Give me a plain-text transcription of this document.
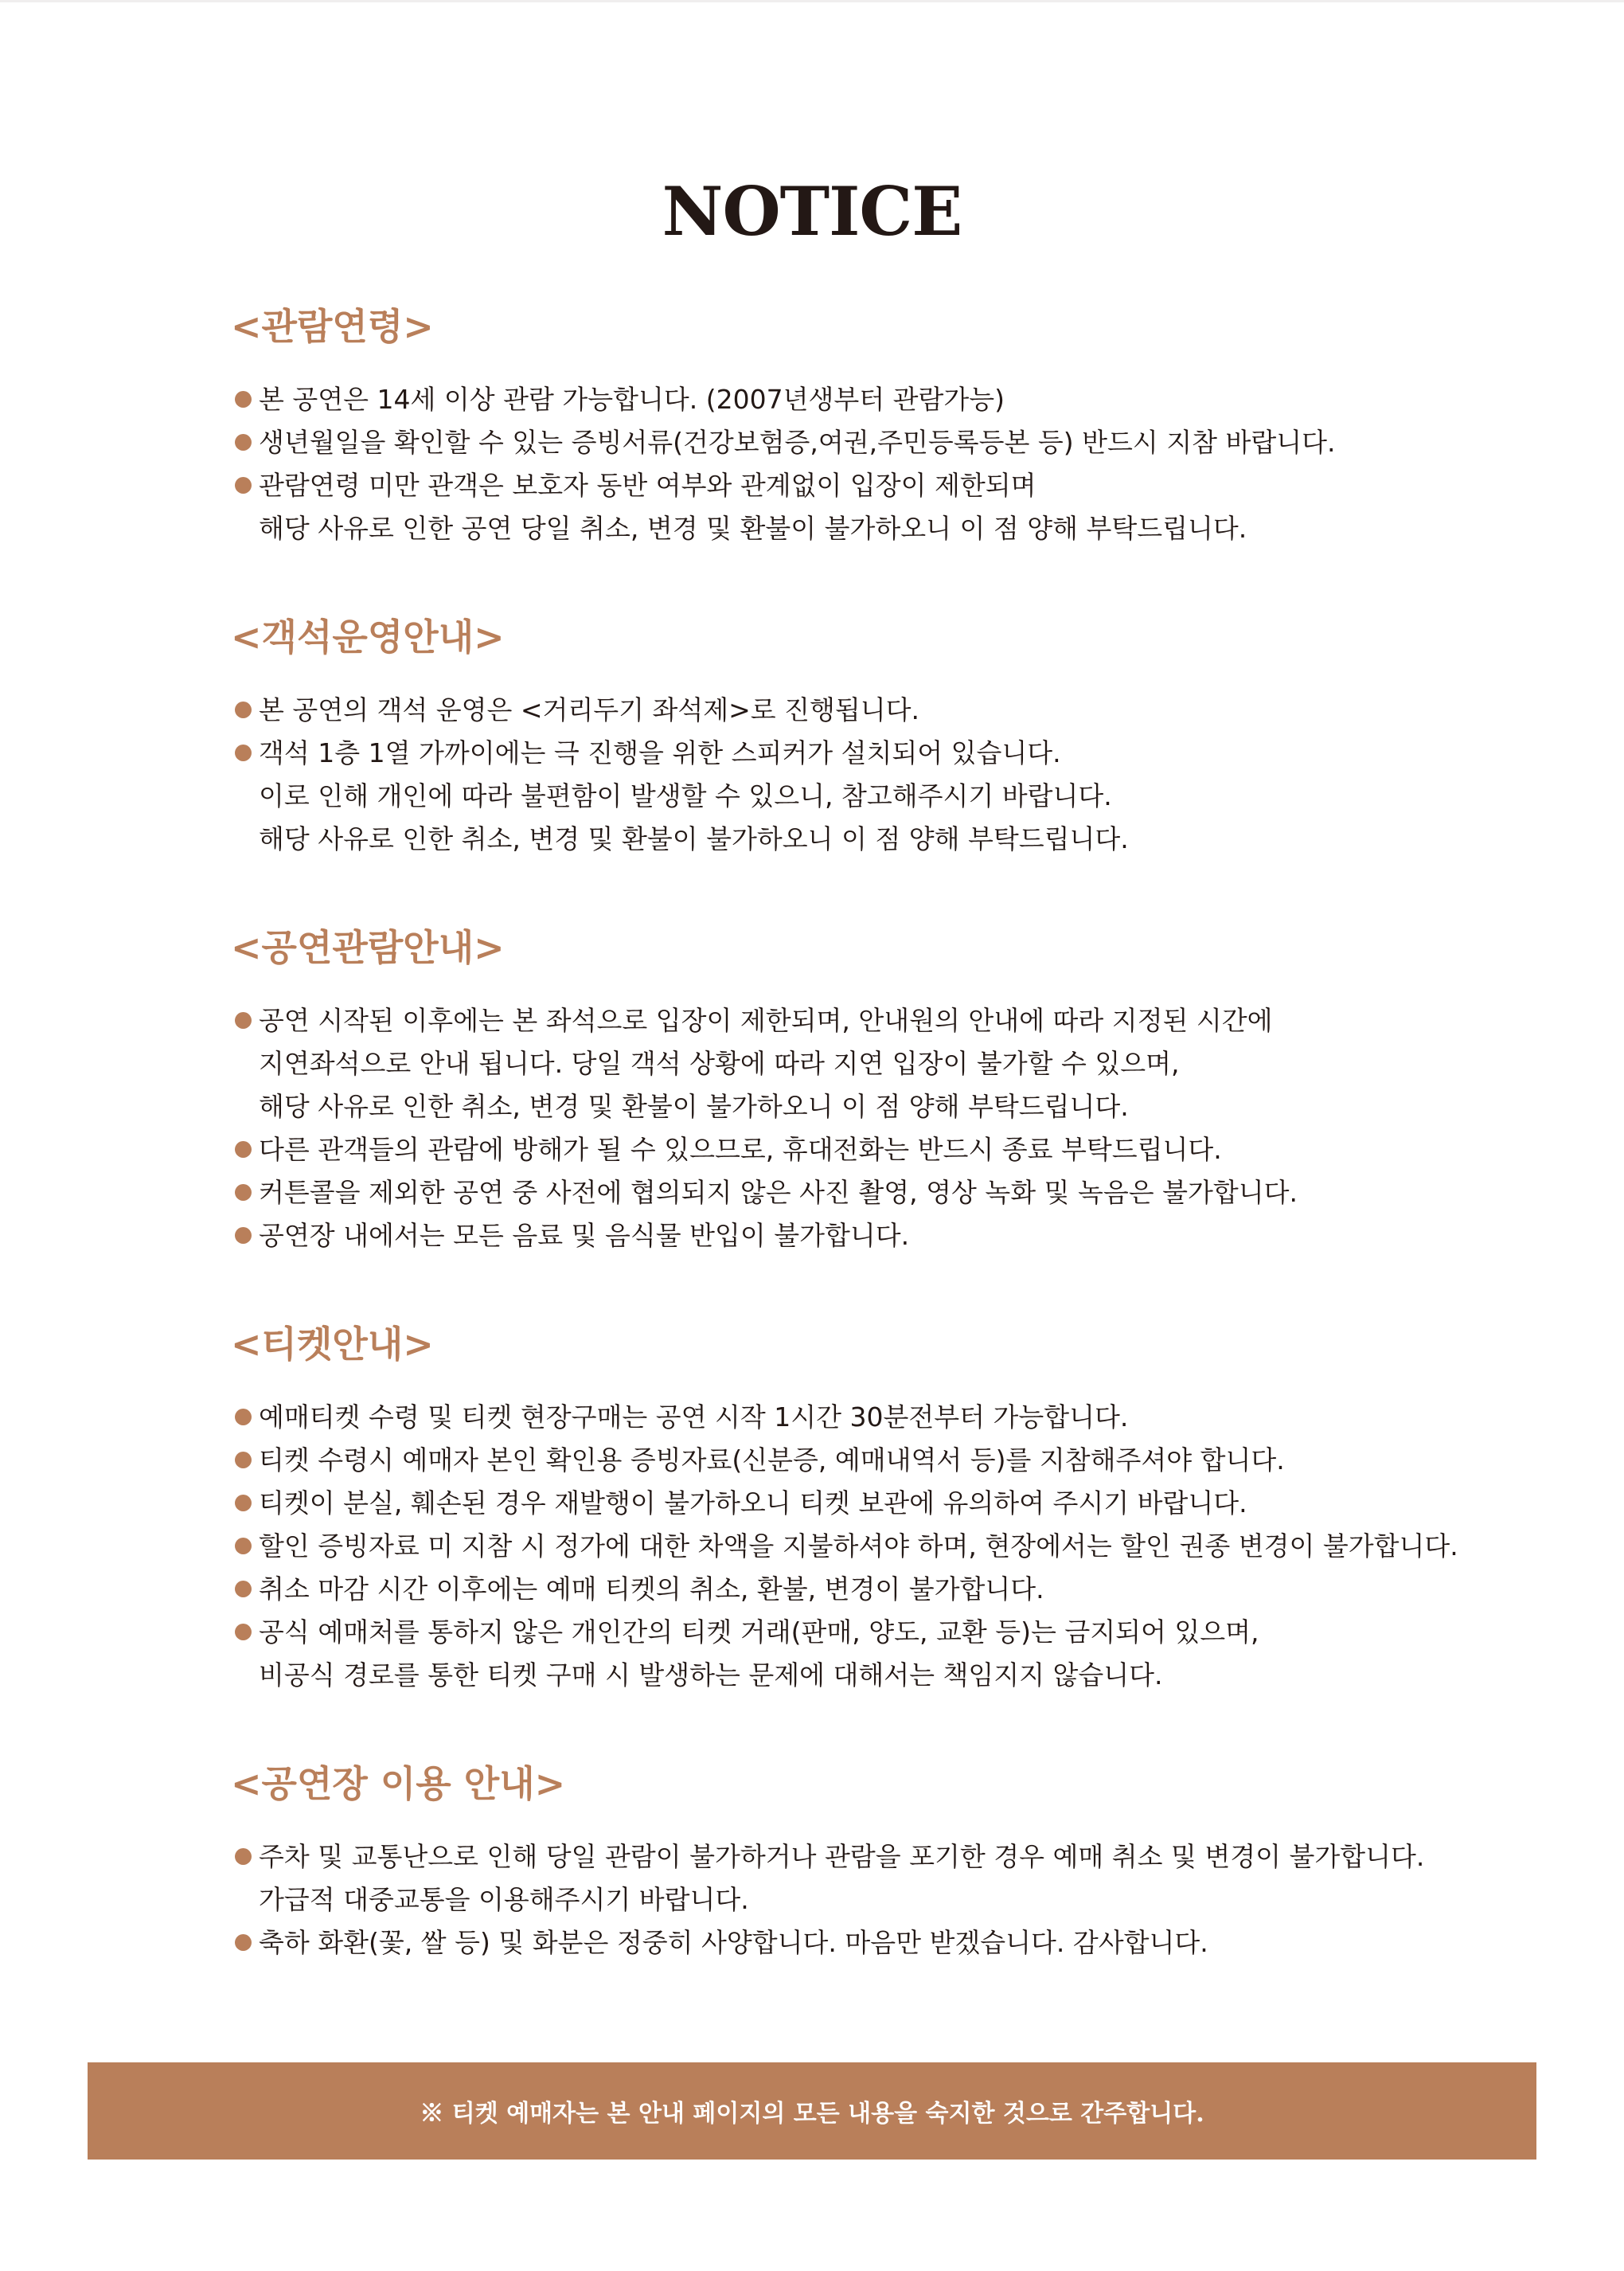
NOTICE
<관람연령>
본 공연은 14세 이상 관람 가능합니다. (2007년생부터 관람가능)
생년월일을 확인할 수 있는 증빙서류(건강보험증,여권,주민등록등본 등) 반드시 지참 바랍니다.
관람연령 미만 관객은 보호자 동반 여부와 관계없이 입장이 제한되며
해당 사유로 인한 공연 당일 취소, 변경 및 환불이 불가하오니 이 점 양해 부탁드립니다.
<객석운영안내>
본 공연의 객석 운영은 <거리두기 좌석제>로 진행됩니다.
객석 1층 1열 가까이에는 극 진행을 위한 스피커가 설치되어 있습니다.
이로 인해 개인에 따라 불편함이 발생할 수 있으니, 참고해주시기 바랍니다.
해당 사유로 인한 취소, 변경 및 환불이 불가하오니 이 점 양해 부탁드립니다.
<공연관람안내>
공연 시작된 이후에는 본 좌석으로 입장이 제한되며, 안내원의 안내에 따라 지정된 시간에
지연좌석으로 안내 됩니다. 당일 객석 상황에 따라 지연 입장이 불가할 수 있으며,
해당 사유로 인한 취소, 변경 및 환불이 불가하오니 이 점 양해 부탁드립니다.
다른 관객들의 관람에 방해가 될 수 있으므로, 휴대전화는 반드시 종료 부탁드립니다.
커튼콜을 제외한 공연 중 사전에 협의되지 않은 사진 촬영, 영상 녹화 및 녹음은 불가합니다.
공연장 내에서는 모든 음료 및 음식물 반입이 불가합니다.
<티켓안내>
예매티켓 수령 및 티켓 현장구매는 공연 시작 1시간 30분전부터 가능합니다.
티켓 수령시 예매자 본인 확인용 증빙자료(신분증, 예매내역서 등)를 지참해주셔야 합니다.
티켓이 분실, 훼손된 경우 재발행이 불가하오니 티켓 보관에 유의하여 주시기 바랍니다.
할인 증빙자료 미 지참 시 정가에 대한 차액을 지불하셔야 하며, 현장에서는 할인 권종 변경이 불가합니다.
취소 마감 시간 이후에는 예매 티켓의 취소, 환불, 변경이 불가합니다.
공식 예매처를 통하지 않은 개인간의 티켓 거래(판매, 양도, 교환 등)는 금지되어 있으며,
비공식 경로를 통한 티켓 구매 시 발생하는 문제에 대해서는 책임지지 않습니다.
<공연장 이용 안내>
주차 및 교통난으로 인해 당일 관람이 불가하거나 관람을 포기한 경우 예매 취소 및 변경이 불가합니다.
가급적 대중교통을 이용해주시기 바랍니다.
축하 화환(꽃, 쌀 등) 및 화분은 정중히 사양합니다. 마음만 받겠습니다. 감사합니다.
※ 티켓 예매자는 본 안내 페이지의 모든 내용을 숙지한 것으로 간주합니다.
